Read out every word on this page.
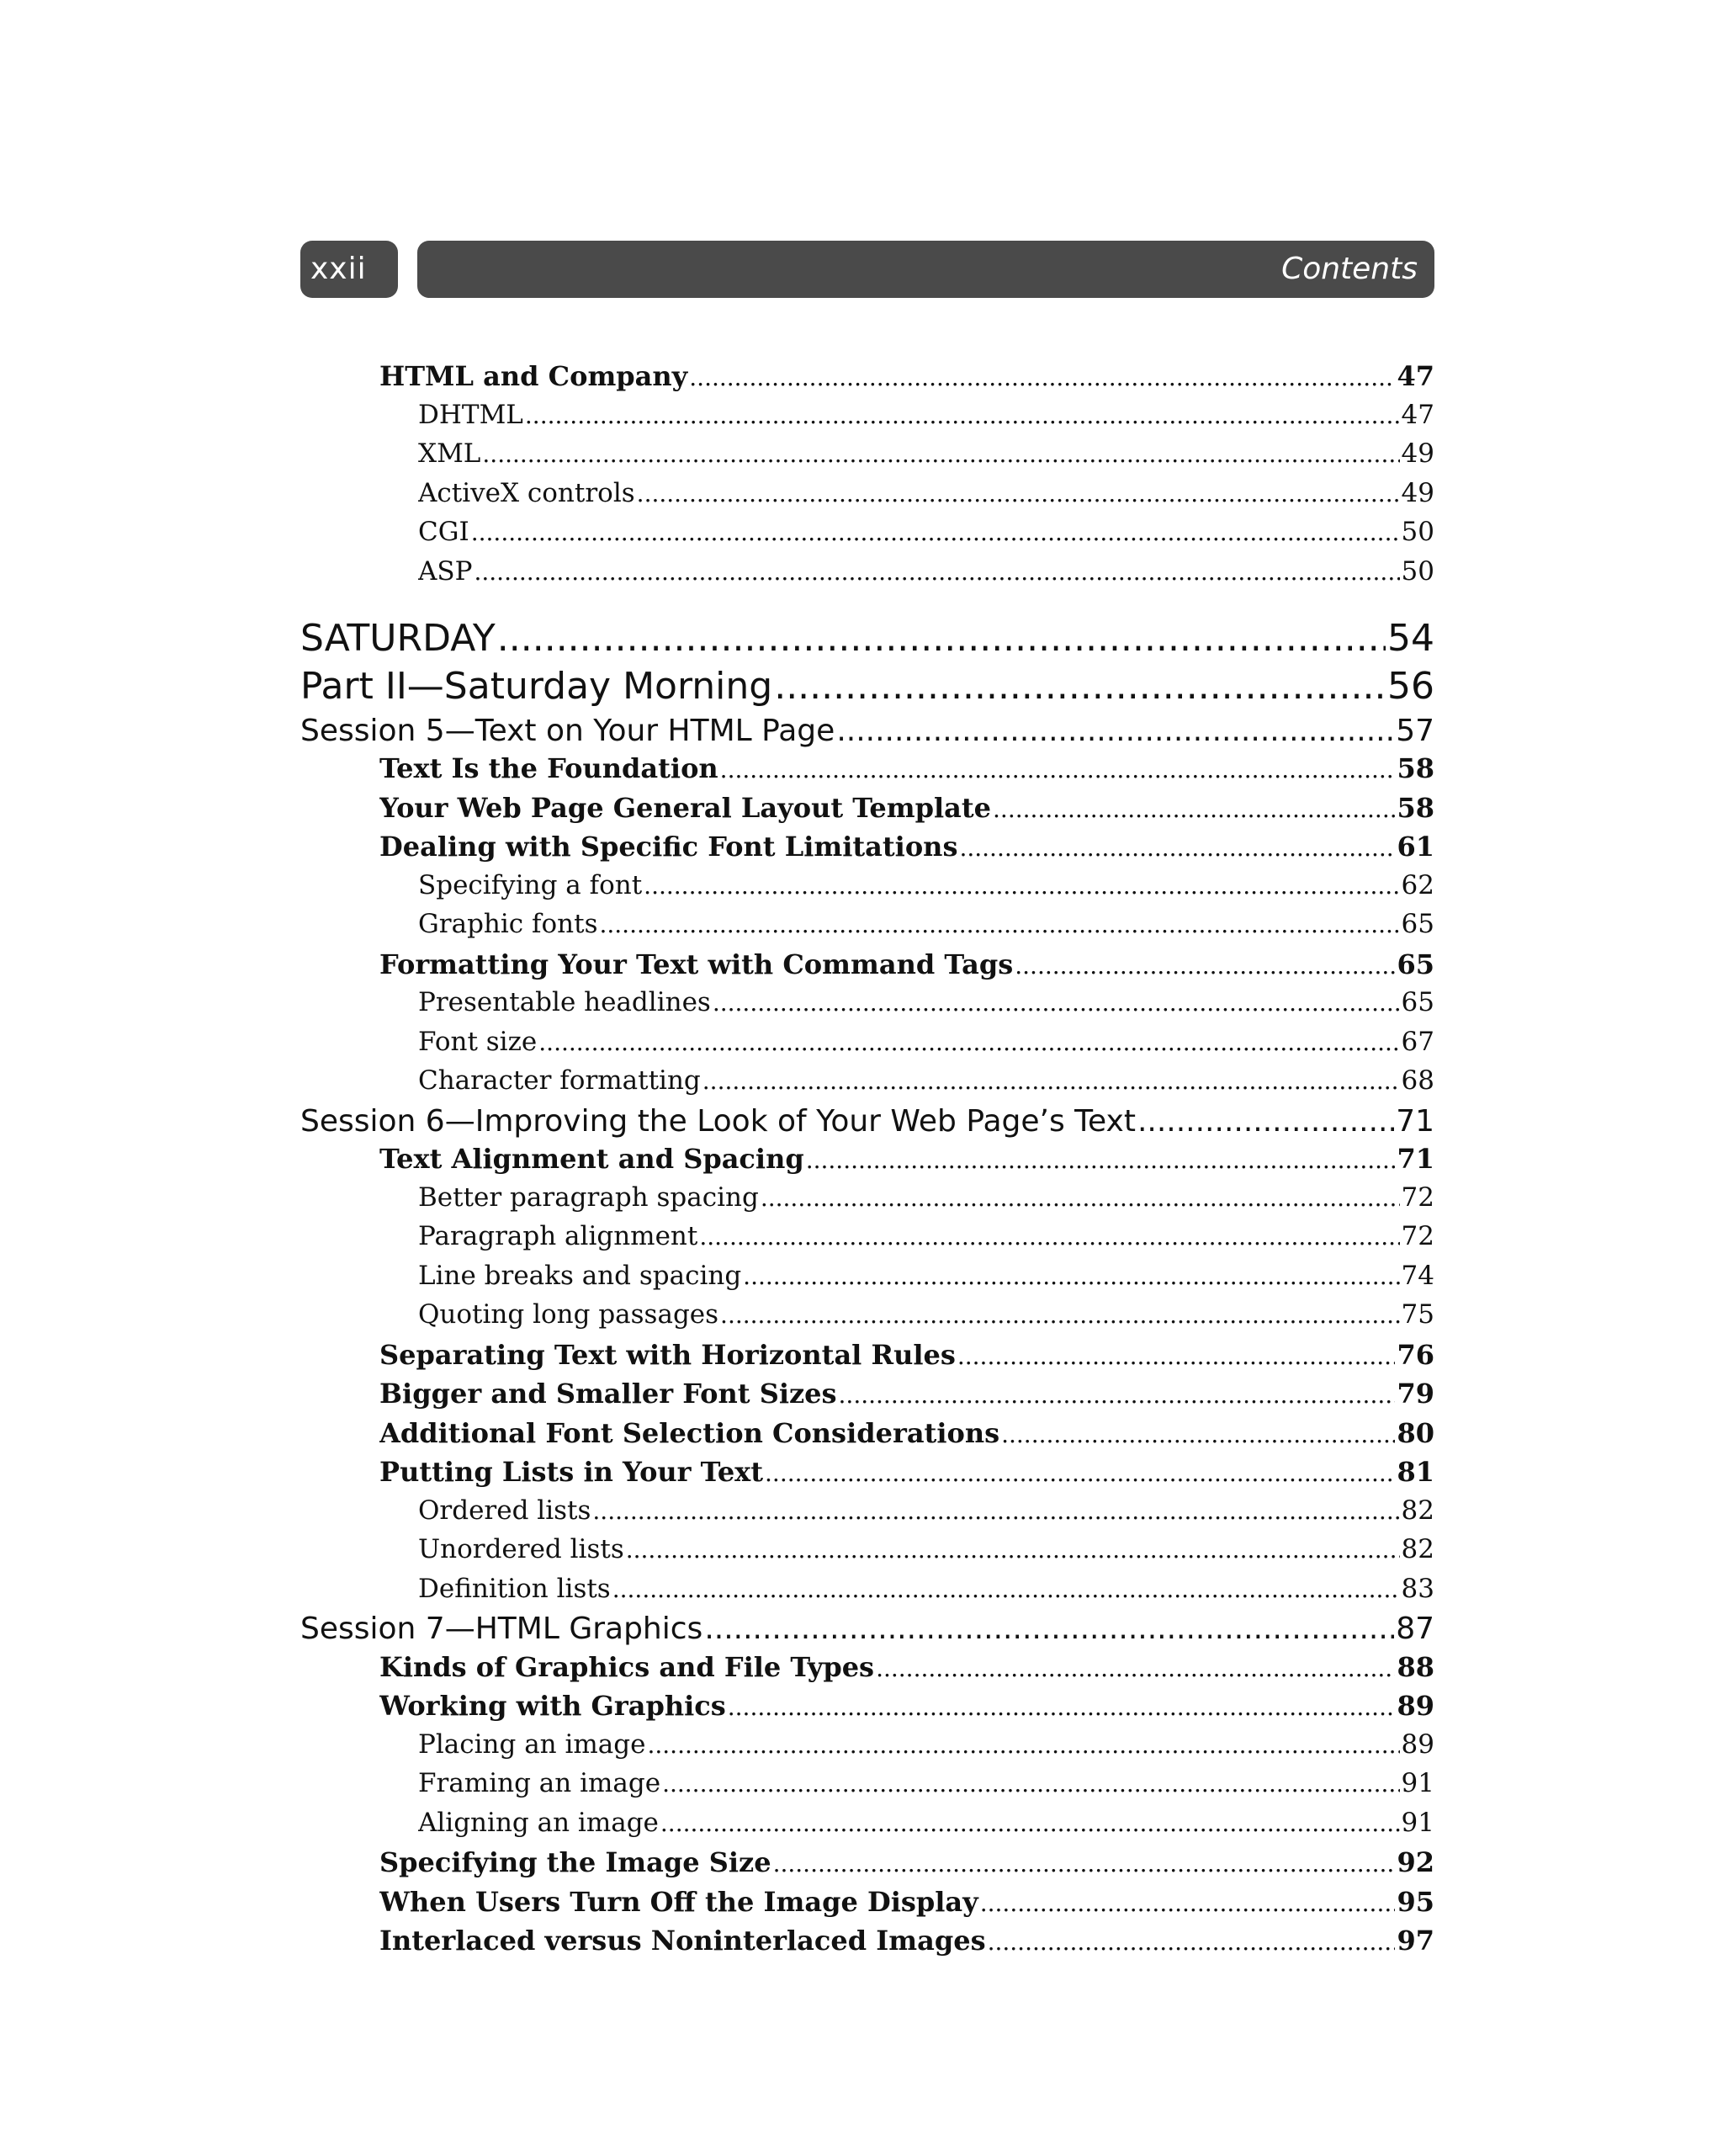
xxii	Contents
HTML and Company .....	47
DHTML .....	47
XML .....	49
ActiveX controls .....	49
CGI .....	50
ASP .....	50
SATURDAY .....	54
Part II—Saturday Morning .....	56
Session 5—Text on Your HTML Page .....	57
Text Is the Foundation .....	58
Your Web Page General Layout Template .....	58
Dealing with Specific Font Limitations .....	61
Specifying a font .....	62
Graphic fonts .....	65
Formatting Your Text with Command Tags .....	65
Presentable headlines .....	65
Font size .....	67
Character formatting .....	68
Session 6—Improving the Look of Your Web Page’s Text .....	71
Text Alignment and Spacing .....	71
Better paragraph spacing .....	72
Paragraph alignment .....	72
Line breaks and spacing .....	74
Quoting long passages .....	75
Separating Text with Horizontal Rules .....	76
Bigger and Smaller Font Sizes .....	79
Additional Font Selection Considerations .....	80
Putting Lists in Your Text .....	81
Ordered lists .....	82
Unordered lists .....	82
Definition lists .....	83
Session 7—HTML Graphics .....	87
Kinds of Graphics and File Types .....	88
Working with Graphics .....	89
Placing an image .....	89
Framing an image .....	91
Aligning an image .....	91
Specifying the Image Size .....	92
When Users Turn Off the Image Display .....	95
Interlaced versus Noninterlaced Images .....	97
